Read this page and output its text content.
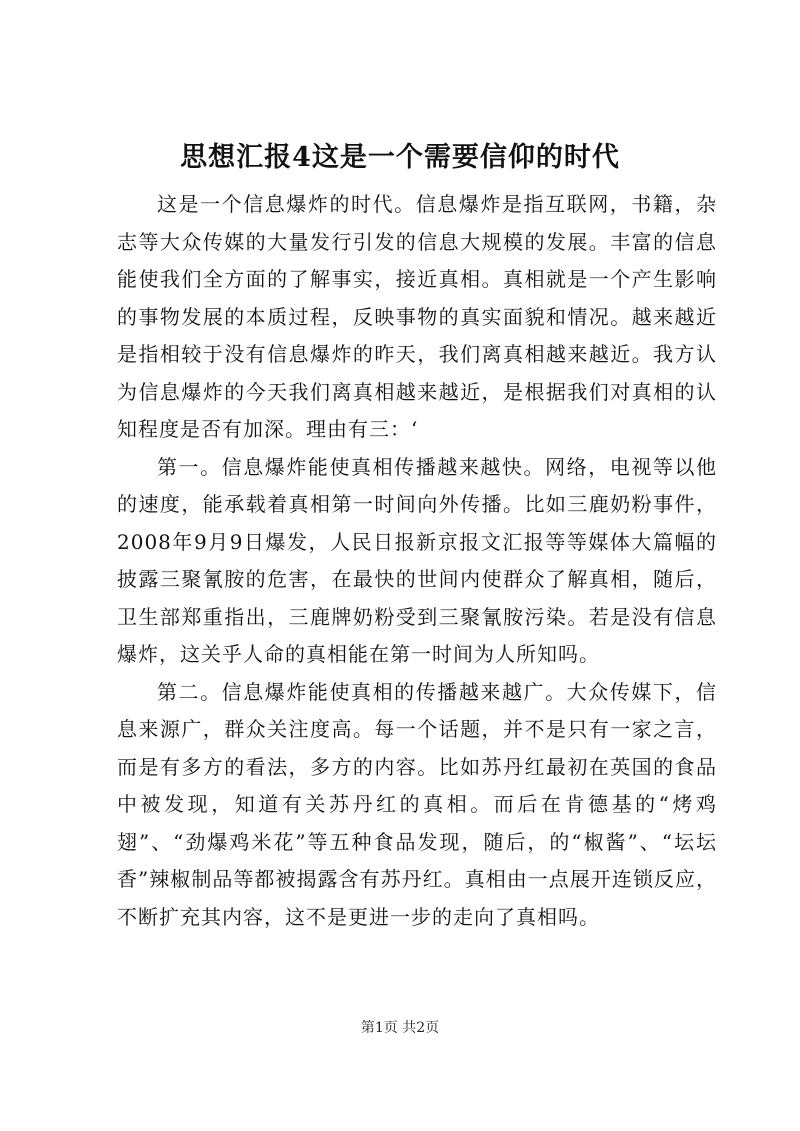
思想汇报4这是一个需要信仰的时代

这是一个信息爆炸的时代。信息爆炸是指互联网，书籍，杂志等大众传媒的大量发行引发的信息大规模的发展。丰富的信息能使我们全方面的了解事实，接近真相。真相就是一个产生影响的事物发展的本质过程，反映事物的真实面貌和情况。越来越近是指相较于没有信息爆炸的昨天，我们离真相越来越近。我方认为信息爆炸的今天我们离真相越来越近，是根据我们对真相的认知程度是否有加深。理由有三：‘

第一。信息爆炸能使真相传播越来越快。网络，电视等以他的速度，能承载着真相第一时间向外传播。比如三鹿奶粉事件，2008年9月9日爆发，人民日报新京报文汇报等等媒体大篇幅的披露三聚氰胺的危害，在最快的世间内使群众了解真相，随后，卫生部郑重指出，三鹿牌奶粉受到三聚氰胺污染。若是没有信息爆炸，这关乎人命的真相能在第一时间为人所知吗。

第二。信息爆炸能使真相的传播越来越广。大众传媒下，信息来源广，群众关注度高。每一个话题，并不是只有一家之言，而是有多方的看法，多方的内容。比如苏丹红最初在英国的食品中被发现，知道有关苏丹红的真相。而后在肯德基的“烤鸡翅”、“劲爆鸡米花”等五种食品发现，随后，的“椒酱”、“坛坛香”辣椒制品等都被揭露含有苏丹红。真相由一点展开连锁反应，不断扩充其内容，这不是更进一步的走向了真相吗。

第1页 共2页
